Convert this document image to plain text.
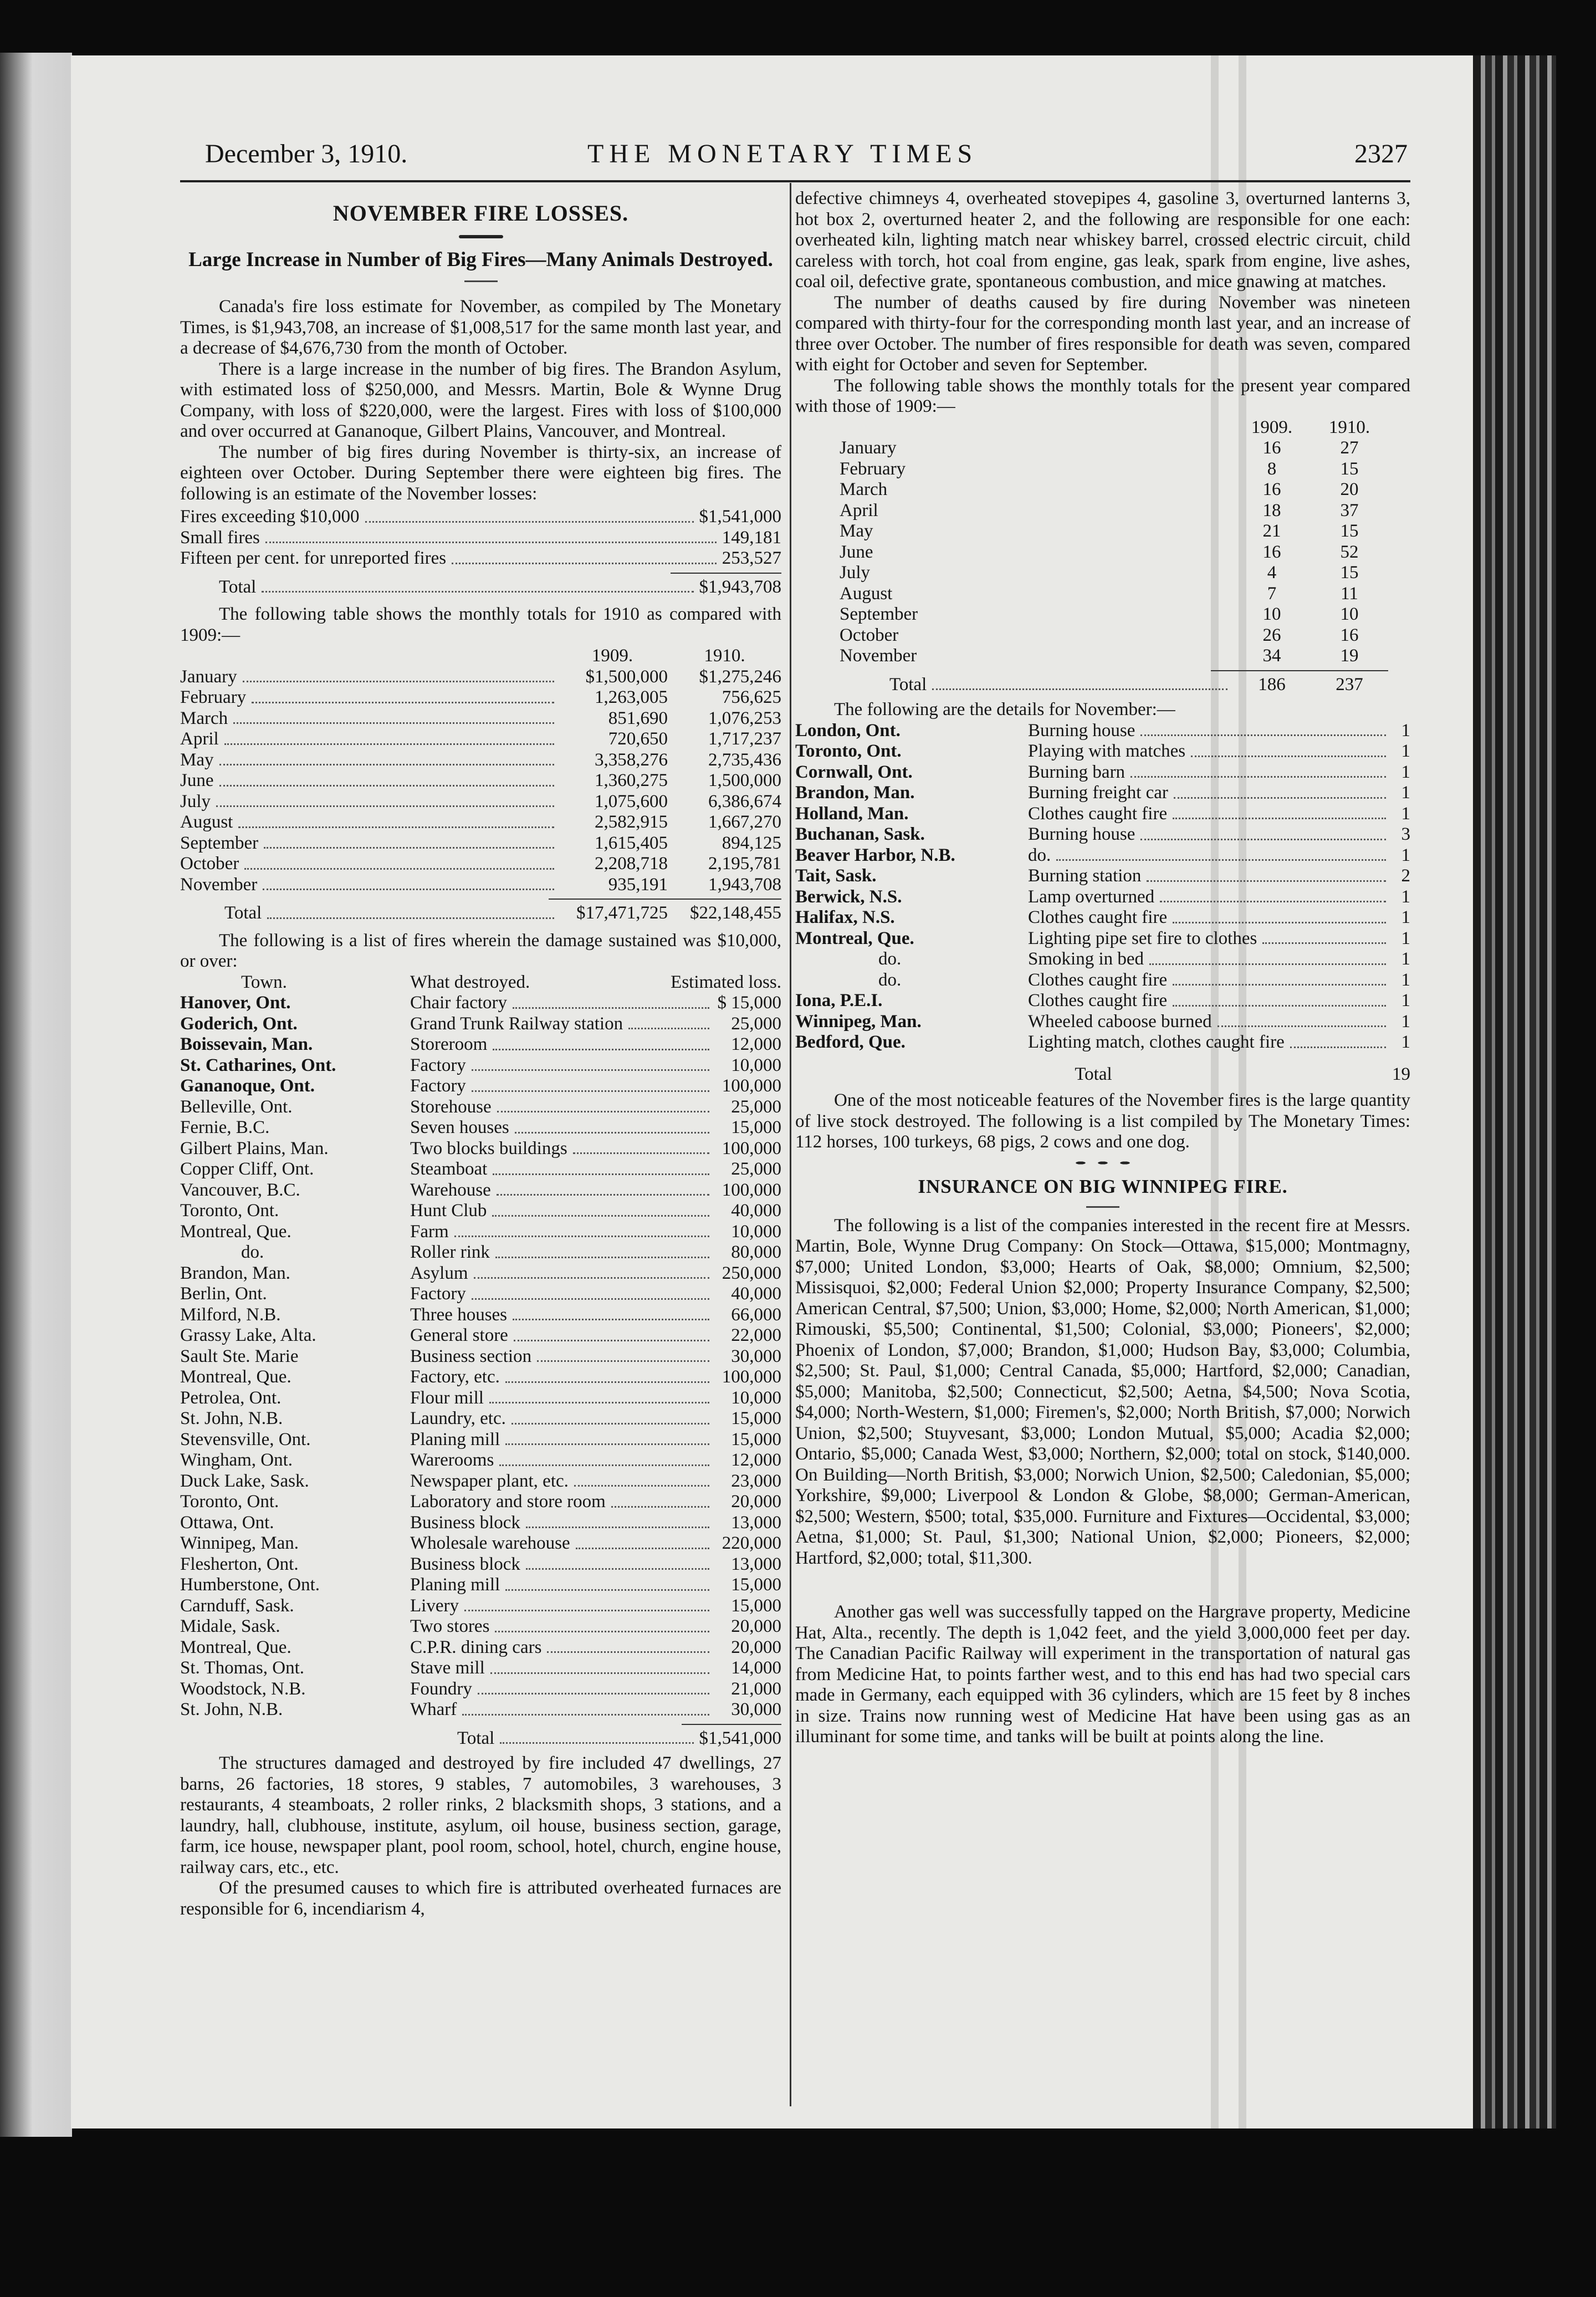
December 3, 1910.	THE MONETARY TIMES	2327
NOVEMBER FIRE LOSSES.
Large Increase in Number of Big Fires—Many Animals Destroyed.

Canada's fire loss estimate for November, as compiled by The Monetary Times, is $1,943,708, an increase of $1,008,517 for the same month last year, and a decrease of $4,676,730 from the month of October.

There is a large increase in the number of big fires. The Brandon Asylum, with estimated loss of $250,000, and Messrs. Martin, Bole & Wynne Drug Company, with loss of $220,000, were the largest. Fires with loss of $100,000 and over occurred at Gananoque, Gilbert Plains, Vancouver, and Montreal.

The number of big fires during November is thirty-six, an increase of eighteen over October. During September there were eighteen big fires. The following is an estimate of the November losses:

Fires exceeding $10,000	$1,541,000
Small fires	149,181
Fifteen per cent. for unreported fires	253,527
Total	$1,943,708

The following table shows the monthly totals for 1910 as compared with 1909:—

1909.	1910.
January	$1,500,000	$1,275,246
February	1,263,005	756,625
March	851,690	1,076,253
April	720,650	1,717,237
May	3,358,276	2,735,436
June	1,360,275	1,500,000
July	1,075,600	6,386,674
August	2,582,915	1,667,270
September	1,615,405	894,125
October	2,208,718	2,195,781
November	935,191	1,943,708
Total	$17,471,725	$22,148,455

The following is a list of fires wherein the damage sustained was $10,000, or over:

Town.	What destroyed.	Estimated loss.
Hanover, Ont.	Chair factory	$ 15,000
Goderich, Ont.	Grand Trunk Railway station	25,000
Boissevain, Man.	Storeroom	12,000
St. Catharines, Ont.	Factory	10,000
Gananoque, Ont.	Factory	100,000
Belleville, Ont.	Storehouse	25,000
Fernie, B.C.	Seven houses	15,000
Gilbert Plains, Man.	Two blocks buildings	100,000
Copper Cliff, Ont.	Steamboat	25,000
Vancouver, B.C.	Warehouse	100,000
Toronto, Ont.	Hunt Club	40,000
Montreal, Que.	Farm	10,000
do.	Roller rink	80,000
Brandon, Man.	Asylum	250,000
Berlin, Ont.	Factory	40,000
Milford, N.B.	Three houses	66,000
Grassy Lake, Alta.	General store	22,000
Sault Ste. Marie	Business section	30,000
Montreal, Que.	Factory, etc.	100,000
Petrolea, Ont.	Flour mill	10,000
St. John, N.B.	Laundry, etc.	15,000
Stevensville, Ont.	Planing mill	15,000
Wingham, Ont.	Warerooms	12,000
Duck Lake, Sask.	Newspaper plant, etc.	23,000
Toronto, Ont.	Laboratory and store room	20,000
Ottawa, Ont.	Business block	13,000
Winnipeg, Man.	Wholesale warehouse	220,000
Flesherton, Ont.	Business block	13,000
Humberstone, Ont.	Planing mill	15,000
Carnduff, Sask.	Livery	15,000
Midale, Sask.	Two stores	20,000
Montreal, Que.	C.P.R. dining cars	20,000
St. Thomas, Ont.	Stave mill	14,000
Woodstock, N.B.	Foundry	21,000
St. John, N.B.	Wharf	30,000
Total	$1,541,000

The structures damaged and destroyed by fire included 47 dwellings, 27 barns, 26 factories, 18 stores, 9 stables, 7 automobiles, 3 warehouses, 3 restaurants, 4 steamboats, 2 roller rinks, 2 blacksmith shops, 3 stations, and a laundry, hall, clubhouse, institute, asylum, oil house, business section, garage, farm, ice house, newspaper plant, pool room, school, hotel, church, engine house, railway cars, etc., etc.

Of the presumed causes to which fire is attributed overheated furnaces are responsible for 6, incendiarism 4,

defective chimneys 4, overheated stovepipes 4, gasoline 3, overturned lanterns 3, hot box 2, overturned heater 2, and the following are responsible for one each: overheated kiln, lighting match near whiskey barrel, crossed electric circuit, child careless with torch, hot coal from engine, gas leak, spark from engine, live ashes, coal oil, defective grate, spontaneous combustion, and mice gnawing at matches.

The number of deaths caused by fire during November was nineteen compared with thirty-four for the corresponding month last year, and an increase of three over October. The number of fires responsible for death was seven, compared with eight for October and seven for September.

The following table shows the monthly totals for the present year compared with those of 1909:—

1909.	1910.
January	16	27
February	8	15
March	16	20
April	18	37
May	21	15
June	16	52
July	4	15
August	7	11
September	10	10
October	26	16
November	34	19
Total	186	237

The following are the details for November:—

London, Ont.	Burning house	1
Toronto, Ont.	Playing with matches	1
Cornwall, Ont.	Burning barn	1
Brandon, Man.	Burning freight car	1
Holland, Man.	Clothes caught fire	1
Buchanan, Sask.	Burning house	3
Beaver Harbor, N.B.	do.	1
Tait, Sask.	Burning station	2
Berwick, N.S.	Lamp overturned	1
Halifax, N.S.	Clothes caught fire	1
Montreal, Que.	Lighting pipe set fire to clothes	1
do.	Smoking in bed	1
do.	Clothes caught fire	1
Iona, P.E.I.	Clothes caught fire	1
Winnipeg, Man.	Wheeled caboose burned	1
Bedford, Que.	Lighting match, clothes caught fire	1
Total	19

One of the most noticeable features of the November fires is the large quantity of live stock destroyed. The following is a list compiled by The Monetary Times: 112 horses, 100 turkeys, 68 pigs, 2 cows and one dog.

INSURANCE ON BIG WINNIPEG FIRE.

The following is a list of the companies interested in the recent fire at Messrs. Martin, Bole, Wynne Drug Company: On Stock—Ottawa, $15,000; Montmagny, $7,000; United London, $3,000; Hearts of Oak, $8,000; Omnium, $2,500; Missisquoi, $2,000; Federal Union $2,000; Property Insurance Company, $2,500; American Central, $7,500; Union, $3,000; Home, $2,000; North American, $1,000; Rimouski, $5,500; Continental, $1,500; Colonial, $3,000; Pioneers', $2,000; Phoenix of London, $7,000; Brandon, $1,000; Hudson Bay, $3,000; Columbia, $2,500; St. Paul, $1,000; Central Canada, $5,000; Hartford, $2,000; Canadian, $5,000; Manitoba, $2,500; Connecticut, $2,500; Aetna, $4,500; Nova Scotia, $4,000; North-Western, $1,000; Firemen's, $2,000; North British, $7,000; Norwich Union, $2,500; Stuyvesant, $3,000; London Mutual, $5,000; Acadia $2,000; Ontario, $5,000; Canada West, $3,000; Northern, $2,000; total on stock, $140,000. On Building—North British, $3,000; Norwich Union, $2,500; Caledonian, $5,000; Yorkshire, $9,000; Liverpool & London & Globe, $8,000; German-American, $2,500; Western, $500; total, $35,000. Furniture and Fixtures—Occidental, $3,000; Aetna, $1,000; St. Paul, $1,300; National Union, $2,000; Pioneers, $2,000; Hartford, $2,000; total, $11,300.

Another gas well was successfully tapped on the Hargrave property, Medicine Hat, Alta., recently. The depth is 1,042 feet, and the yield 3,000,000 feet per day. The Canadian Pacific Railway will experiment in the transportation of natural gas from Medicine Hat, to points farther west, and to this end has had two special cars made in Germany, each equipped with 36 cylinders, which are 15 feet by 8 inches in size. Trains now running west of Medicine Hat have been using gas as an illuminant for some time, and tanks will be built at points along the line.
